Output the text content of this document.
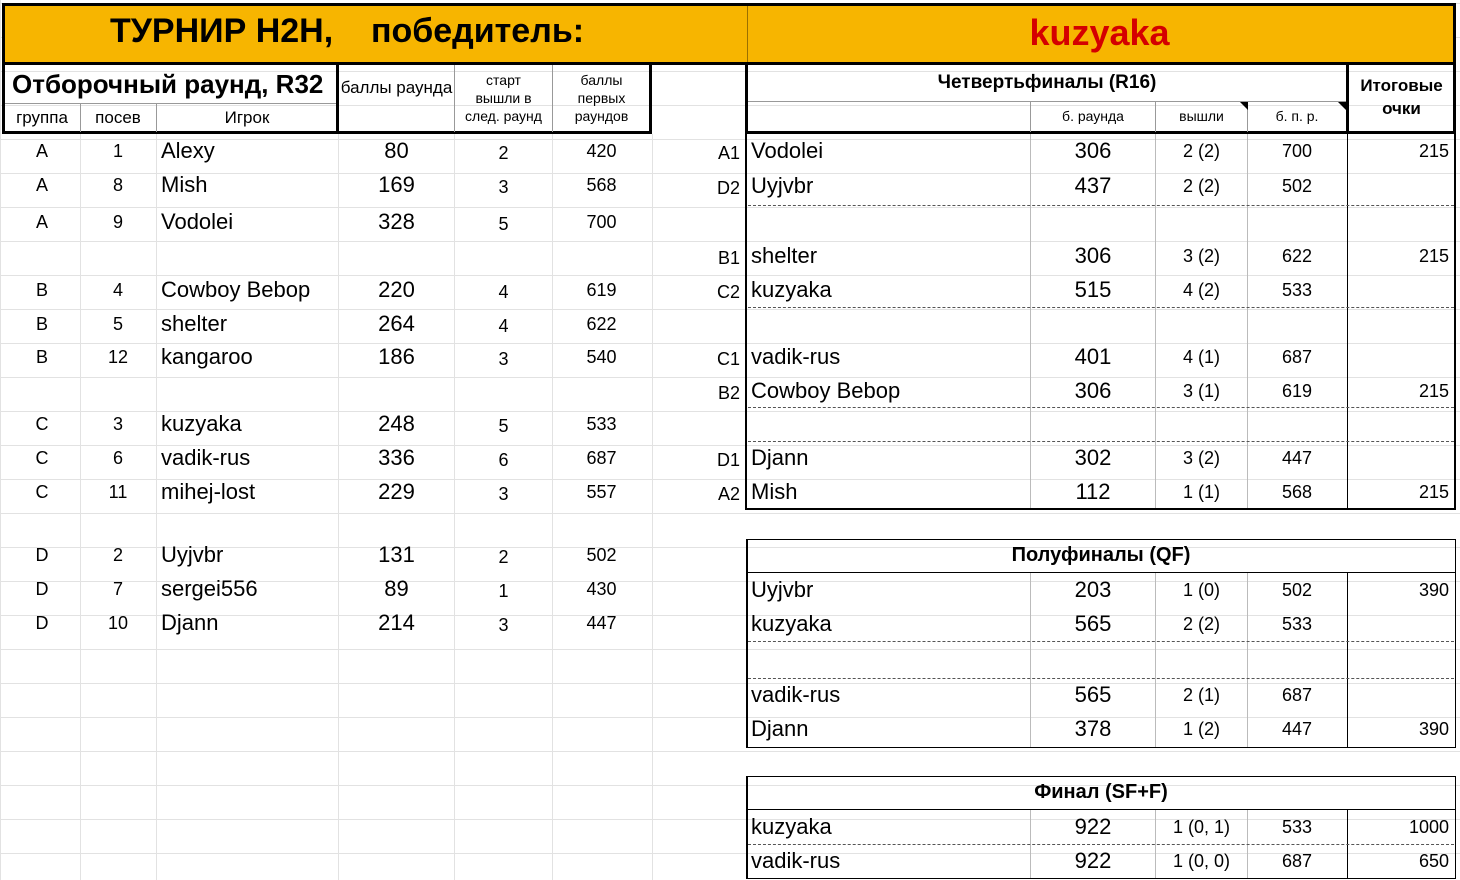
ТУРНИР H2H,    победитель:	kuzyaka
Отборочный раунд, R32
группа	посев	Игрок
баллы раунда	старт
вышли в
след. раунд
баллы
первых
раундов
A	1	Alexy	80	2	420
A	8	Mish	169	3	568
A	9	Vodolei	328	5	700
B	4	Cowboy Bebop	220	4	619
B	5	shelter	264	4	622
B	12	kangaroo	186	3	540
C	3	kuzyaka	248	5	533
C	6	vadik-rus	336	6	687
C	11	mihej-lost	229	3	557
D	2	Uyjvbr	131	2	502
D	7	sergei556	89	1	430
D	10	Djann	214	3	447
Четвертьфиналы (R16)
б. раунда	вышли	б. п. р.
Итоговые
очки
A1 Vodolei	306	2 (2)	700	215
D2 Uyjvbr	437	2 (2)	502
B1 shelter	306	3 (2)	622	215
C2 kuzyaka	515	4 (2)	533
C1 vadik-rus	401	4 (1)	687
B2 Cowboy Bebop	306	3 (1)	619	215
D1 Djann	302	3 (2)	447
A2 Mish	112	1 (1)	568	215
Полуфиналы (QF)
Uyjvbr	203	1 (0)	502	390
kuzyaka	565	2 (2)	533
vadik-rus	565	2 (1)	687
Djann	378	1 (2)	447	390
Финал (SF+F)
kuzyaka	922	1 (0, 1)	533	1000
vadik-rus	922	1 (0, 0)	687	650
